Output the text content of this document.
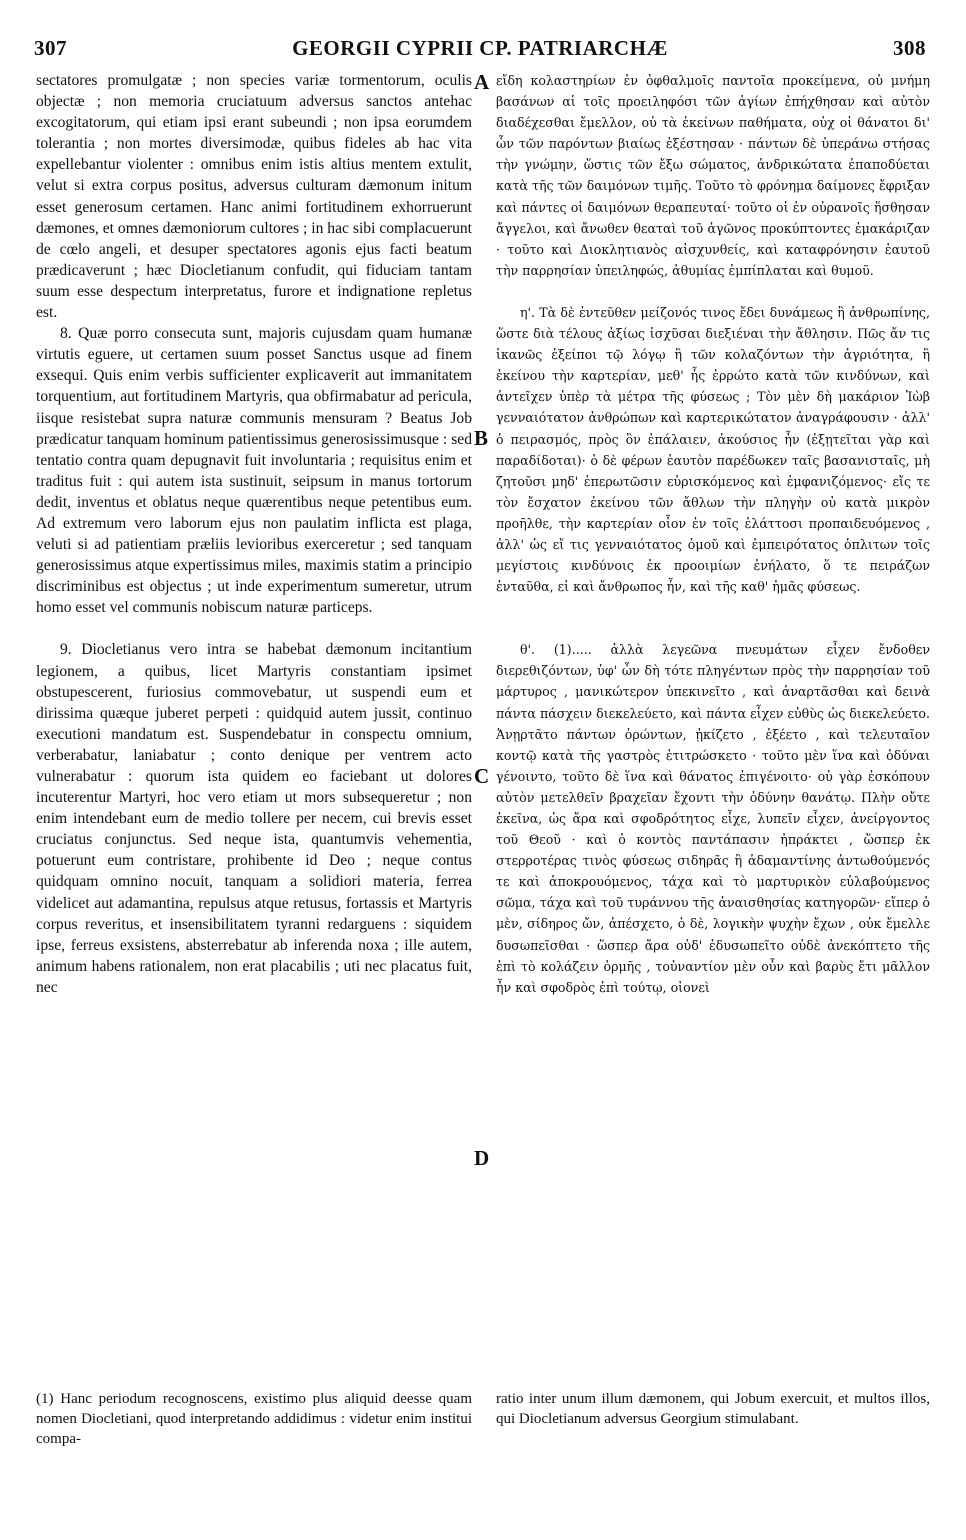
307	GEORGII CYPRII CP. PATRIARCHÆ	308
A
B
C
D

sectatores promulgatæ ; non species variæ tormentorum, oculis objectæ ; non memoria cruciatuum adversus sanctos antehac excogitatorum, qui etiam ipsi erant subeundi ; non ipsa eorumdem tolerantia ; non mortes diversimodæ, quibus fideles ab hac vita expellebantur violenter : omnibus enim istis altius mentem extulit, velut si extra corpus positus, adversus culturam dæmonum initum esset generosum certamen. Hanc animi fortitudinem exhorruerunt dæmones, et omnes dæmoniorum cultores ; in hac sibi complacuerunt de cœlo angeli, et desuper spectatores agonis ejus facti beatum prædicaverunt ; hæc Diocletianum confudit, qui fiduciam tantam suum esse despectum interpretatus, furore et indignatione repletus est.

8. Quæ porro consecuta sunt, majoris cujusdam quam humanæ virtutis eguere, ut certamen suum posset Sanctus usque ad finem exsequi. Quis enim verbis sufficienter explicaverit aut immanitatem torquentium, aut fortitudinem Martyris, qua obfirmabatur ad pericula, iisque resistebat supra naturæ communis mensuram ? Beatus Job prædicatur tanquam hominum patientissimus generosissimusque : sed tentatio contra quam depugnavit fuit involuntaria ; requisitus enim et traditus fuit : qui autem ista sustinuit, seipsum in manus tortorum dedit, inventus et oblatus neque quærentibus neque petentibus eum. Ad extremum vero laborum ejus non paulatim inflicta est plaga, veluti si ad patientiam præliis levioribus exerceretur ; sed tanquam generosissimus atque expertissimus miles, maximis statim a principio discriminibus est objectus ; ut inde experimentum sumeretur, utrum homo esset vel communis nobiscum naturæ particeps.

9. Diocletianus vero intra se habebat dæmonum incitantium legionem, a quibus, licet Martyris constantiam ipsimet obstupescerent, furiosius commovebatur, ut suspendi eum et dirissima quæque juberet perpeti : quidquid autem jussit, continuo executioni mandatum est. Suspendebatur in conspectu omnium, verberabatur, laniabatur ; conto denique per ventrem acto vulnerabatur : quorum ista quidem eo faciebant ut dolores incuterentur Martyri, hoc vero etiam ut mors subsequeretur ; non enim intendebant eum de medio tollere per necem, cui brevis esset cruciatus conjunctus. Sed neque ista, quantumvis vehementia, potuerunt eum contristare, prohibente id Deo ; neque contus quidquam omnino nocuit, tanquam a solidiori materia, ferrea videlicet aut adamantina, repulsus atque retusus, fortassis et Martyris corpus reveritus, et insensibilitatem tyranni redarguens : siquidem ipse, ferreus exsistens, absterrebatur ab inferenda noxa ; ille autem, animum habens rationalem, non erat placabilis ; uti nec placatus fuit, nec

εἴδη κολαστηρίων ἐν ὀφθαλμοῖς παντοῖα προκείμενα, οὐ μνήμη βασάνων αἱ τοῖς προειληφόσι τῶν ἁγίων ἐπήχθησαν καὶ αὐτὸν διαδέχεσθαι ἔμελλον, οὐ τὰ ἐκείνων παθήματα, οὐχ οἱ θάνατοι δι' ὧν τῶν παρόντων βιαίως ἐξέστησαν · πάντων δὲ ὑπεράνω στήσας τὴν γνώμην, ὥστις τῶν ἔξω σώματος, ἀνδρικώτατα ἐπαποδύεται κατὰ τῆς τῶν δαιμόνων τιμῆς. Τοῦτο τὸ φρόνημα δαίμονες ἔφριξαν καὶ πάντες οἱ δαιμόνων θεραπευταί· τοῦτο οἱ ἐν οὐρανοῖς ἥσθησαν ἄγγελοι, καὶ ἄνωθεν θεαταὶ τοῦ ἀγῶνος προκύπτοντες ἐμακάριζαν · τοῦτο καὶ Διοκλητιανὸς αἰσχυνθείς, καὶ καταφρόνησιν ἑαυτοῦ τὴν παρρησίαν ὑπειληφώς, ἀθυμίας ἐμπίπλαται καὶ θυμοῦ.

η'. Τὰ δὲ ἐντεῦθεν μείζονός τινος ἔδει δυνάμεως ἢ ἀνθρωπίνης, ὥστε διὰ τέλους ἀξίως ἰσχῦσαι διεξιέναι τὴν ἄθλησιν. Πῶς ἄν τις ἱκανῶς ἐξείποι τῷ λόγῳ ἢ τῶν κολαζόντων τὴν ἀγριότητα, ἢ ἐκείνου τὴν καρτερίαν, μεθ' ἧς ἐρρώτο κατὰ τῶν κινδύνων, καὶ ἀντεῖχεν ὑπὲρ τὰ μέτρα τῆς φύσεως ; Τὸν μὲν δὴ μακάριον Ἰὼβ γενναιότατον ἀνθρώπων καὶ καρτερικώτατον ἀναγράφουσιν · ἀλλ' ὁ πειρασμός, πρὸς ὃν ἐπάλαιεν, ἀκούσιος ἦν (ἐξῃτεῖται γὰρ καὶ παραδίδοται)· ὁ δὲ φέρων ἑαυτὸν παρέδωκεν ταῖς βασανισταῖς, μὴ ζητοῦσι μηδ' ἐπερωτῶσιν εὑρισκόμενος καὶ ἐμφανιζόμενος· εἴς τε τὸν ἔσχατον ἐκείνου τῶν ἄθλων τὴν πληγὴν οὐ κατὰ μικρὸν προῆλθε, τὴν καρτερίαν οἷον ἐν τοῖς ἐλάττοσι προπαιδευόμενος , ἀλλ' ὡς εἴ τις γενναιότατος ὁμοῦ καὶ ἐμπειρότατος ὁπλιτων τοῖς μεγίστοις κινδύνοις ἐκ προοιμίων ἐνήλατο, ὅ τε πειράζων ἐνταῦθα, εἰ καὶ ἄνθρωπος ἦν, καὶ τῆς καθ' ἡμᾶς φύσεως.

θ'. (1)..... ἀλλὰ λεγεῶνα πνευμάτων εἶχεν ἔνδοθεν διερεθιζόντων, ὑφ' ὧν δὴ τότε πληγέντων πρὸς τὴν παρρησίαν τοῦ μάρτυρος , μανικώτερον ὑπεκινεῖτο , καὶ ἀναρτᾶσθαι καὶ δεινὰ πάντα πάσχειν διεκελεύετο, καὶ πάντα εἶχεν εὐθὺς ὡς διεκελεύετο. Ἀνῃρτᾶτο πάντων ὁρώντων, ᾐκίζετο , ἐξέετο , καὶ τελευταῖον κοντῷ κατὰ τῆς γαστρὸς ἐτιτρώσκετο · τοῦτο μὲν ἵνα καὶ ὀδύναι γένοιντο, τοῦτο δὲ ἵνα καὶ θάνατος ἐπιγένοιτο· οὐ γὰρ ἐσκόπουν αὐτὸν μετελθεῖν βραχεῖαν ἔχοντι τὴν ὀδύνην θανάτῳ. Πλὴν οὔτε ἐκεῖνα, ὡς ἄρα καὶ σφοδρότητος εἶχε, λυπεῖν εἶχεν, ἀνείργοντος τοῦ Θεοῦ · καὶ ὁ κοντὸς παντάπασιν ἠπράκτει , ὥσπερ ἐκ στερροτέρας τινὸς φύσεως σιδηρᾶς ἢ ἀδαμαντίνης ἀντωθούμενός τε καὶ ἀποκρουόμενος, τάχα καὶ τὸ μαρτυρικὸν εὐλαβούμενος σῶμα, τάχα καὶ τοῦ τυράννου τῆς ἀναισθησίας κατηγορῶν· εἴπερ ὁ μὲν, σίδηρος ὤν, ἀπέσχετο, ὁ δὲ, λογικὴν ψυχὴν ἔχων , οὐκ ἔμελλε δυσωπεῖσθαι · ὥσπερ ἄρα οὐδ' ἐδυσωπεῖτο οὐδὲ ἀνεκόπτετο τῆς ἐπὶ τὸ κολάζειν ὁρμῆς , τοὐναντίον μὲν οὖν καὶ βαρὺς ἔτι μᾶλλον ἦν καὶ σφοδρὸς ἐπὶ τούτῳ, οἱονεὶ

(1) Hanc periodum recognoscens, existimo plus aliquid deesse quam nomen Diocletiani, quod interpretando addidimus : videtur enim institui compa-
ratio inter unum illum dæmonem, qui Jobum exercuit, et multos illos, qui Diocletianum adversus Georgium stimulabant.
